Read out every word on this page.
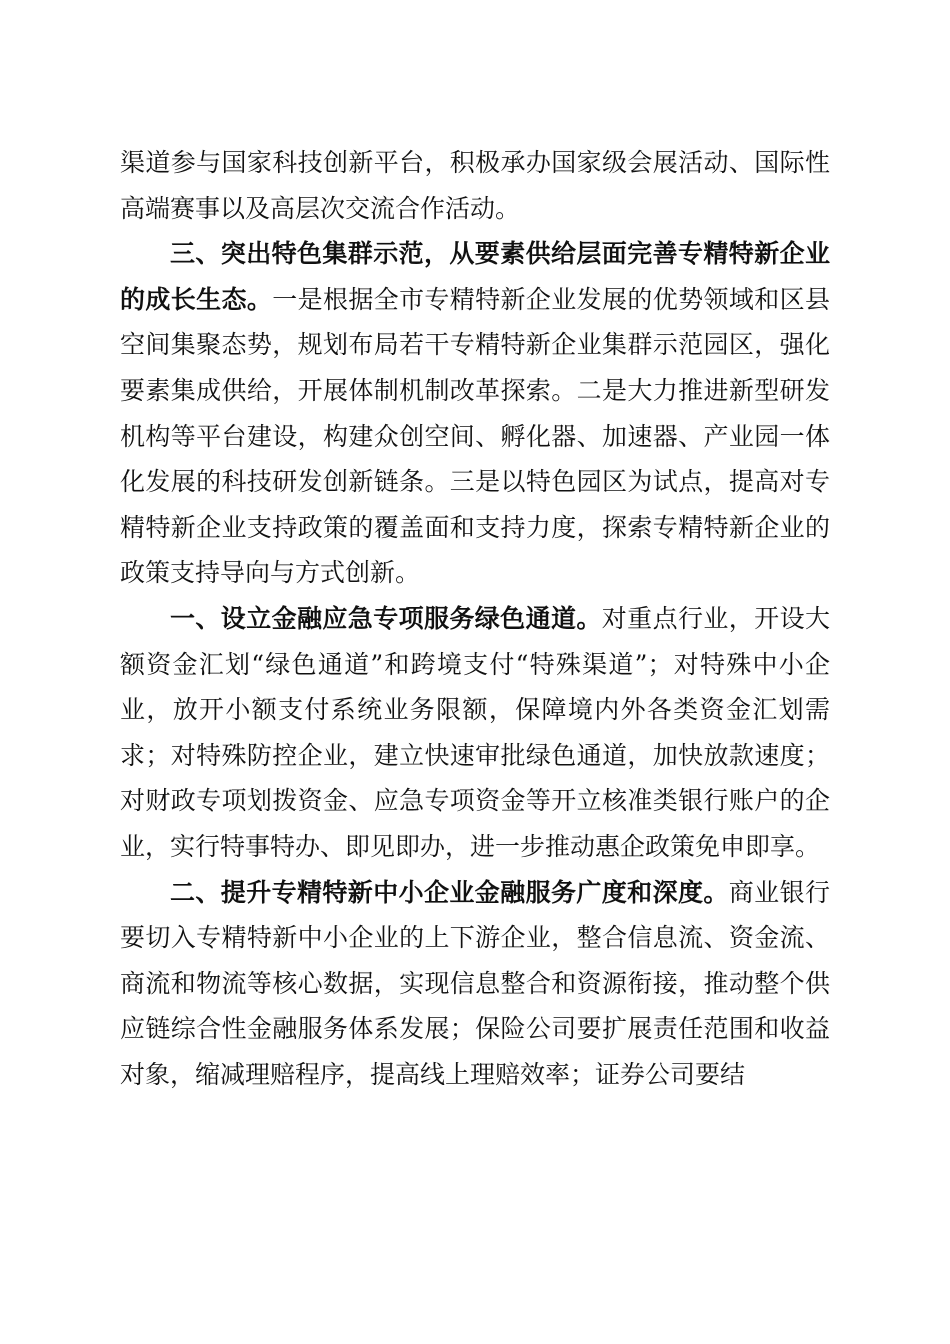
渠道参与国家科技创新平台，积极承办国家级会展活动、国际性高端赛事以及高层次交流合作活动。

三、突出特色集群示范，从要素供给层面完善专精特新企业的成长生态。一是根据全市专精特新企业发展的优势领域和区县空间集聚态势，规划布局若干专精特新企业集群示范园区，强化要素集成供给，开展体制机制改革探索。二是大力推进新型研发机构等平台建设，构建众创空间、孵化器、加速器、产业园一体化发展的科技研发创新链条。三是以特色园区为试点，提高对专精特新企业支持政策的覆盖面和支持力度，探索专精特新企业的政策支持导向与方式创新。

一、设立金融应急专项服务绿色通道。对重点行业，开设大额资金汇划“绿色通道”和跨境支付“特殊渠道”；对特殊中小企业，放开小额支付系统业务限额，保障境内外各类资金汇划需求；对特殊防控企业，建立快速审批绿色通道，加快放款速度；对财政专项划拨资金、应急专项资金等开立核准类银行账户的企业，实行特事特办、即见即办，进一步推动惠企政策免申即享。

二、提升专精特新中小企业金融服务广度和深度。商业银行要切入专精特新中小企业的上下游企业，整合信息流、资金流、商流和物流等核心数据，实现信息整合和资源衔接，推动整个供应链综合性金融服务体系发展；保险公司要扩展责任范围和收益对象，缩减理赔程序，提高线上理赔效率；证券公司要结
